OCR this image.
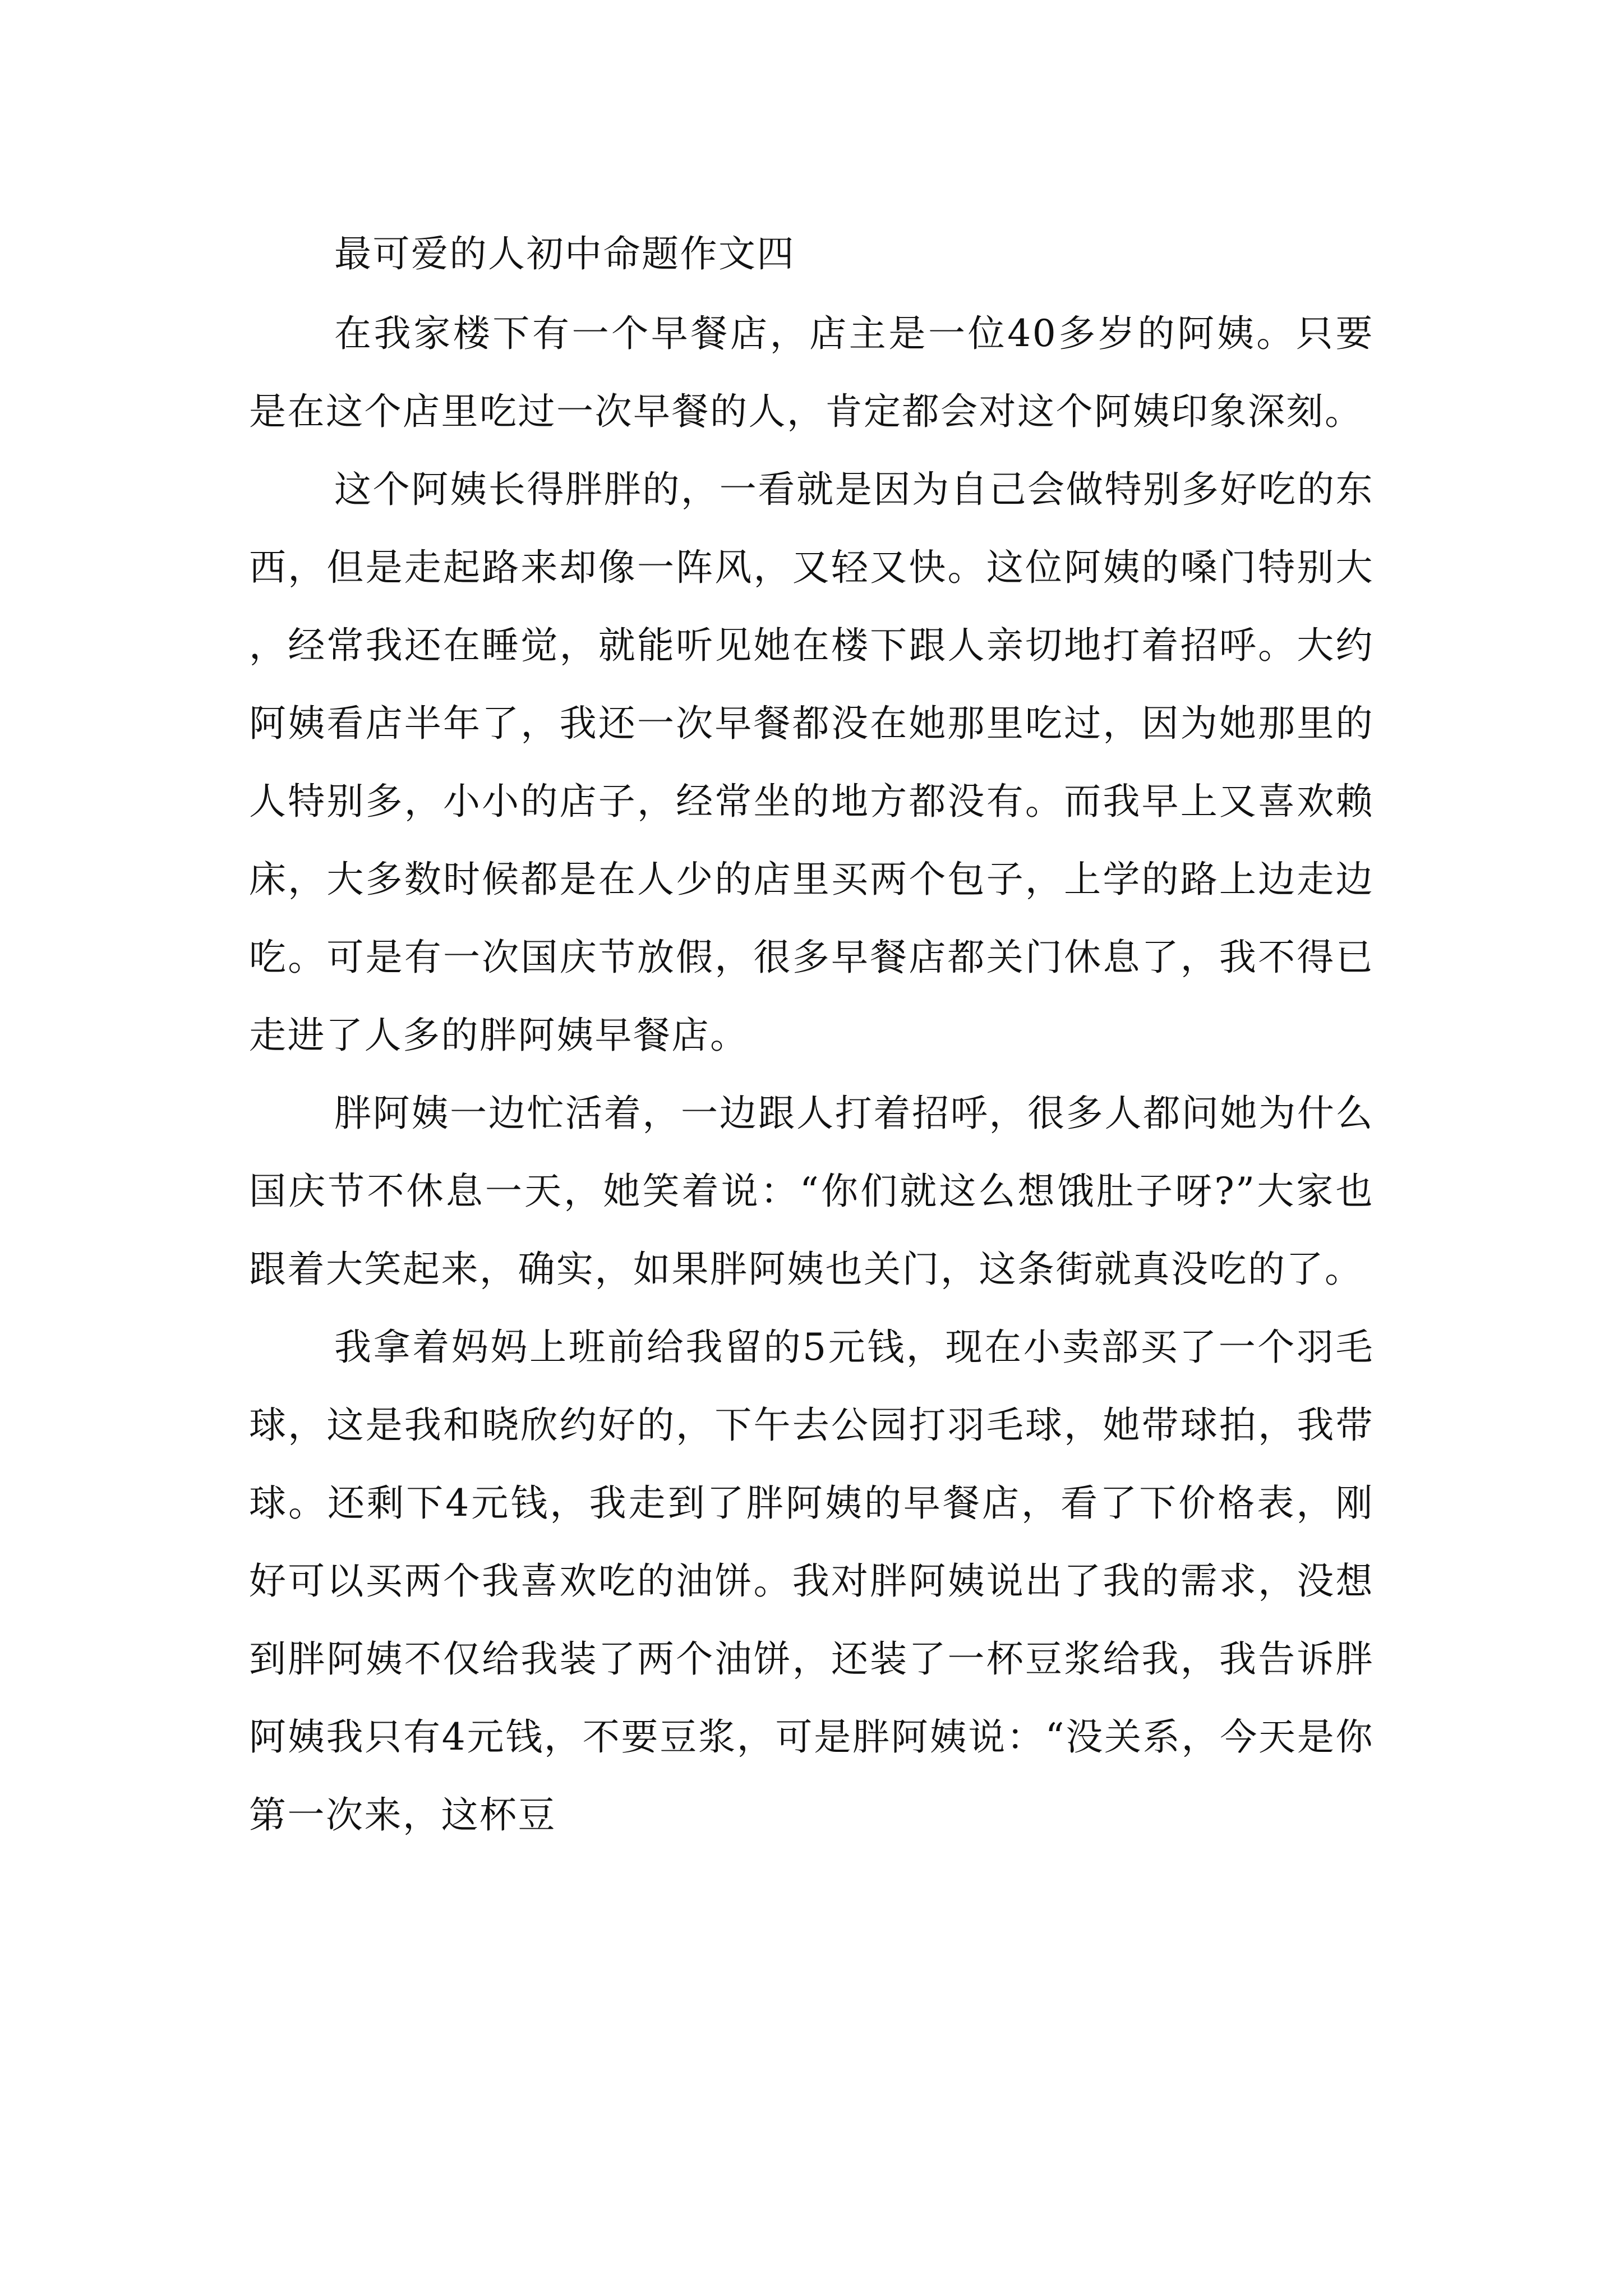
最可爱的人初中命题作文四

在我家楼下有一个早餐店，店主是一位40多岁的阿姨。只要是在这个店里吃过一次早餐的人，肯定都会对这个阿姨印象深刻。

这个阿姨长得胖胖的，一看就是因为自己会做特别多好吃的东西，但是走起路来却像一阵风，又轻又快。这位阿姨的嗓门特别大，经常我还在睡觉，就能听见她在楼下跟人亲切地打着招呼。大约阿姨看店半年了，我还一次早餐都没在她那里吃过，因为她那里的人特别多，小小的店子，经常坐的地方都没有。而我早上又喜欢赖床，大多数时候都是在人少的店里买两个包子，上学的路上边走边吃。可是有一次国庆节放假，很多早餐店都关门休息了，我不得已走进了人多的胖阿姨早餐店。

胖阿姨一边忙活着，一边跟人打着招呼，很多人都问她为什么国庆节不休息一天，她笑着说：“你们就这么想饿肚子呀?”大家也跟着大笑起来，确实，如果胖阿姨也关门，这条街就真没吃的了。

我拿着妈妈上班前给我留的5元钱，现在小卖部买了一个羽毛球，这是我和晓欣约好的，下午去公园打羽毛球，她带球拍，我带球。还剩下4元钱，我走到了胖阿姨的早餐店，看了下价格表，刚好可以买两个我喜欢吃的油饼。我对胖阿姨说出了我的需求，没想到胖阿姨不仅给我装了两个油饼，还装了一杯豆浆给我，我告诉胖阿姨我只有4元钱，不要豆浆，可是胖阿姨说：“没关系，今天是你第一次来，这杯豆
